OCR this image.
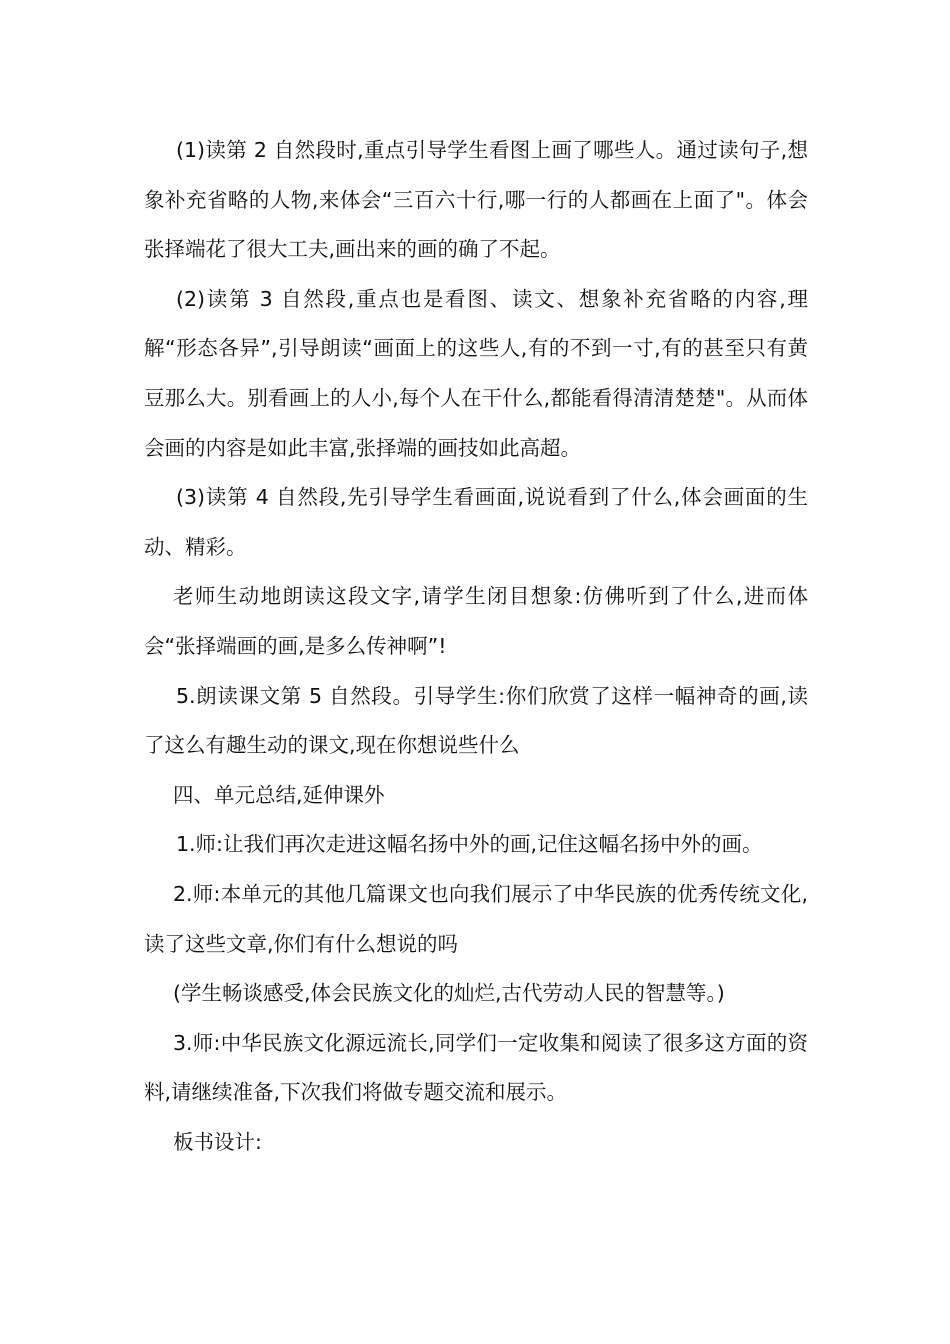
(1)读第 2 自然段时,重点引导学生看图上画了哪些人。通过读句子,想象补充省略的人物,来体会“三百六十行,哪一行的人都画在上面了"。体会张择端花了很大工夫,画出来的画的确了不起。

(2)读第 3 自然段,重点也是看图、读文、想象补充省略的内容,理解“形态各异”,引导朗读“画面上的这些人,有的不到一寸,有的甚至只有黄豆那么大。别看画上的人小,每个人在干什么,都能看得清清楚楚"。从而体会画的内容是如此丰富,张择端的画技如此高超。

(3)读第 4 自然段,先引导学生看画面,说说看到了什么,体会画面的生动、精彩。

老师生动地朗读这段文字,请学生闭目想象:仿佛听到了什么,进而体会“张择端画的画,是多么传神啊”!

5.朗读课文第 5 自然段。引导学生:你们欣赏了这样一幅神奇的画,读了这么有趣生动的课文,现在你想说些什么

四、单元总结,延伸课外

1.师:让我们再次走进这幅名扬中外的画,记住这幅名扬中外的画。

2.师:本单元的其他几篇课文也向我们展示了中华民族的优秀传统文化,读了这些文章,你们有什么想说的吗

(学生畅谈感受,体会民族文化的灿烂,古代劳动人民的智慧等。)

3.师:中华民族文化源远流长,同学们一定收集和阅读了很多这方面的资料,请继续准备,下次我们将做专题交流和展示。

板书设计:
